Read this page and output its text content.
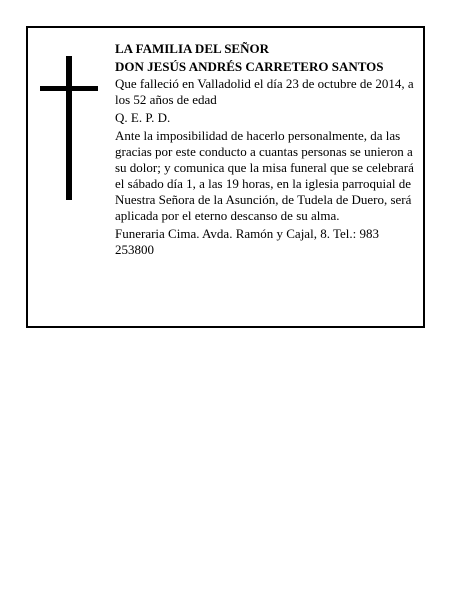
LA FAMILIA DEL SEÑOR

DON JESÚS ANDRÉS CARRETERO SANTOS

Que falleció en Valladolid el día 23 de octubre de 2014, a los 52 años de edad

Q. E. P. D.

Ante la imposibilidad de hacerlo personalmente, da las gracias por este conducto a cuantas personas se unieron a su dolor; y comunica que la misa funeral que se celebrará el sábado día 1, a las 19 horas, en la iglesia parroquial de Nuestra Señora de la Asunción, de Tudela de Duero, será aplicada por el eterno descanso de su alma.

Funeraria Cima. Avda. Ramón y Cajal, 8. Tel.: 983 253800
